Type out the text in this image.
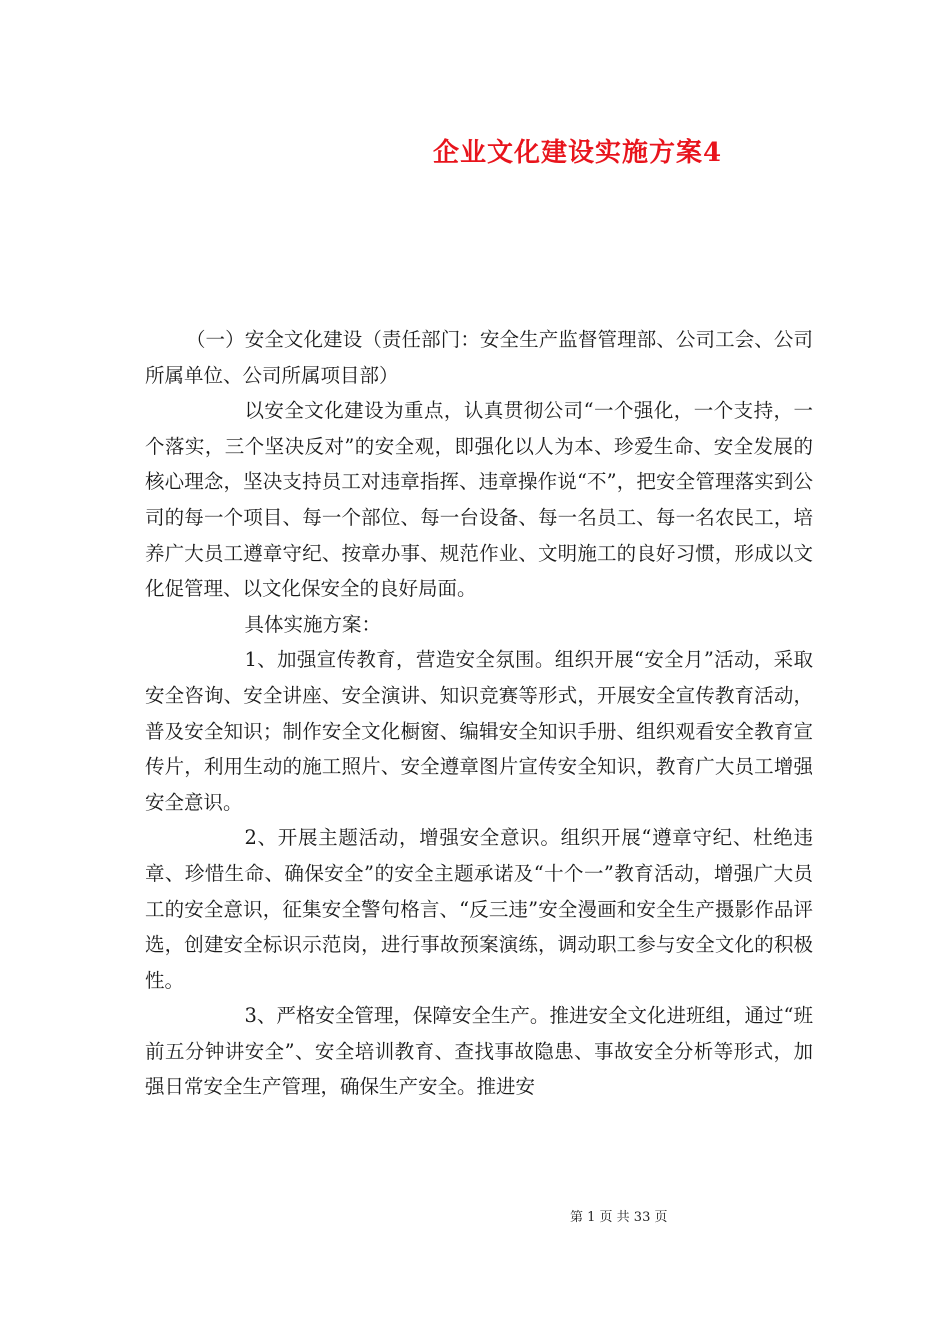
企业文化建设实施方案4

（一）安全文化建设（责任部门：安全生产监督管理部、公司工会、公司所属单位、公司所属项目部）

以安全文化建设为重点，认真贯彻公司“一个强化，一个支持，一个落实，三个坚决反对”的安全观，即强化以人为本、珍爱生命、安全发展的核心理念，坚决支持员工对违章指挥、违章操作说“不”，把安全管理落实到公司的每一个项目、每一个部位、每一台设备、每一名员工、每一名农民工，培养广大员工遵章守纪、按章办事、规范作业、文明施工的良好习惯，形成以文化促管理、以文化保安全的良好局面。

具体实施方案：

1、加强宣传教育，营造安全氛围。组织开展“安全月”活动，采取安全咨询、安全讲座、安全演讲、知识竞赛等形式，开展安全宣传教育活动，普及安全知识；制作安全文化橱窗、编辑安全知识手册、组织观看安全教育宣传片，利用生动的施工照片、安全遵章图片宣传安全知识，教育广大员工增强安全意识。

2、开展主题活动，增强安全意识。组织开展“遵章守纪、杜绝违章、珍惜生命、确保安全”的安全主题承诺及“十个一”教育活动，增强广大员工的安全意识，征集安全警句格言、“反三违”安全漫画和安全生产摄影作品评选，创建安全标识示范岗，进行事故预案演练，调动职工参与安全文化的积极性。

3、严格安全管理，保障安全生产。推进安全文化进班组，通过“班前五分钟讲安全”、安全培训教育、查找事故隐患、事故安全分析等形式，加强日常安全生产管理，确保生产安全。推进安

第 1 页 共 33 页
